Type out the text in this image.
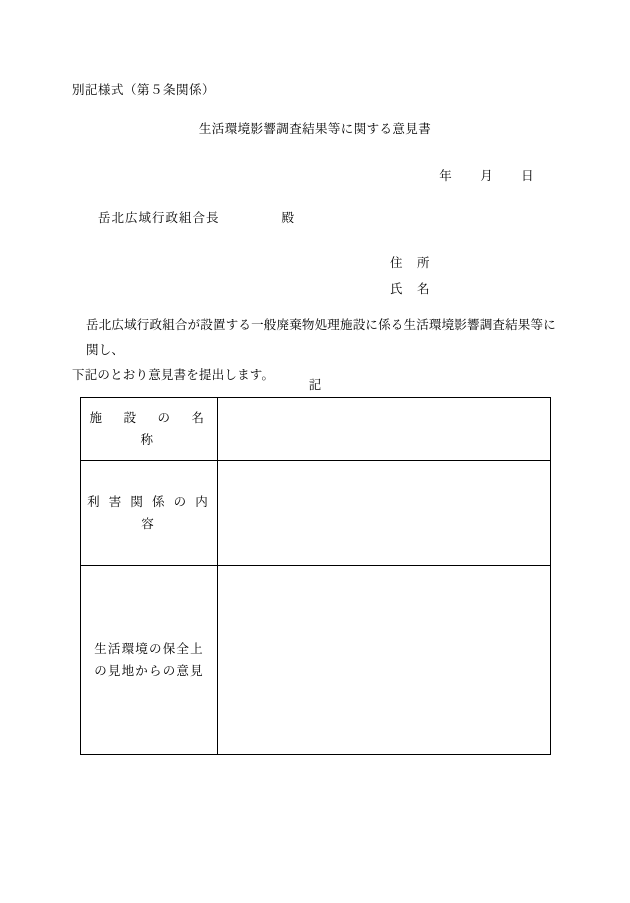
別記様式（第５条関係）
生活環境影響調査結果等に関する意見書
年 月 日
岳北広域行政組合長	殿
住　所
氏　名
岳北広域行政組合が設置する一般廃棄物処理施設に係る生活環境影響調査結果等に関し、
下記のとおり意見書を提出します。
記
施　設　の　名　称	
利 害 関 係 の 内 容	

生活環境の保全上
の見地からの意見	
